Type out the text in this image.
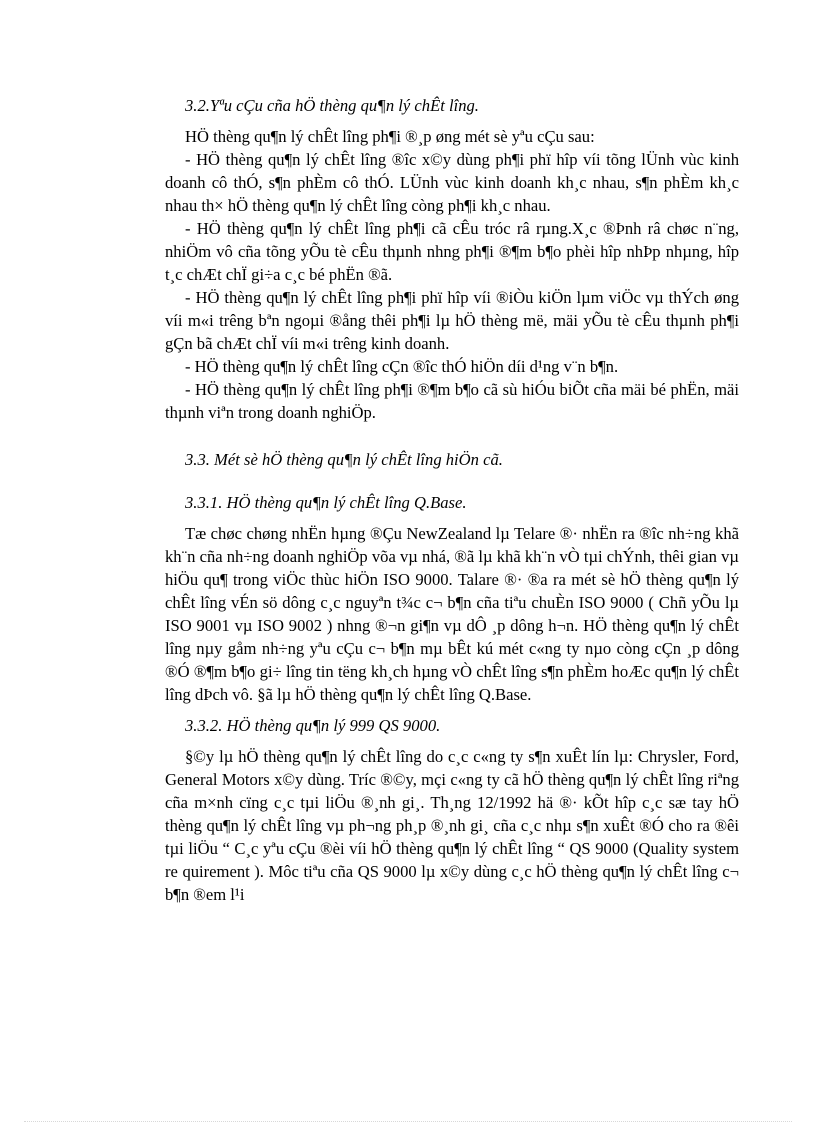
3.2.Yªu cÇu cña hÖ thèng qu¶n lý chÊt lîng.

HÖ thèng qu¶n lý chÊt lîng ph¶i ®¸p øng mét sè yªu cÇu sau:

- HÖ thèng qu¶n lý chÊt lîng ®îc x©y dùng ph¶i phï hîp víi tõng lÜnh vùc kinh doanh cô thÓ, s¶n phÈm cô thÓ. LÜnh vùc kinh doanh kh¸c nhau, s¶n phÈm kh¸c nhau th× hÖ thèng qu¶n lý chÊt lîng còng ph¶i kh¸c nhau.

- HÖ thèng qu¶n lý chÊt lîng ph¶i cã cÊu tróc râ rµng.X¸c ®Þnh râ chøc n¨ng, nhiÖm vô cña tõng yÕu tè cÊu thµnh nhng ph¶i ®¶m b¶o phèi hîp nhÞp nhµng, hîp t¸c chÆt chÏ gi÷a c¸c bé phËn ®ã.

- HÖ thèng qu¶n lý chÊt lîng ph¶i phï hîp víi ®iÒu kiÖn lµm viÖc vµ thÝch øng víi m«i trêng bªn ngoµi ®ång thêi ph¶i lµ hÖ thèng më, mäi yÕu tè cÊu thµnh ph¶i gÇn bã chÆt chÏ víi m«i trêng kinh doanh.

- HÖ thèng qu¶n lý chÊt lîng cÇn ®îc thÓ hiÖn díi d¹ng v¨n b¶n.

- HÖ thèng qu¶n lý chÊt lîng ph¶i ®¶m b¶o cã sù hiÓu biÕt cña mäi bé phËn, mäi thµnh viªn trong doanh nghiÖp.

3.3. Mét sè hÖ thèng qu¶n lý chÊt lîng hiÖn cã.

3.3.1. HÖ thèng qu¶n lý chÊt lîng Q.Base.

Tæ chøc chøng nhËn hµng ®Çu NewZealand lµ Telare ®· nhËn ra ®îc nh÷ng khã kh¨n cña nh÷ng doanh nghiÖp võa vµ nhá, ®ã lµ khã kh¨n vÒ tµi chÝnh, thêi gian vµ hiÖu qu¶ trong viÖc thùc hiÖn ISO 9000. Talare ®· ®a ra mét sè hÖ thèng qu¶n lý chÊt lîng vÉn sö dông c¸c nguyªn t¾c c¬ b¶n cña tiªu chuÈn ISO 9000 ( Chñ yÕu lµ ISO 9001 vµ ISO 9002 ) nhng ®¬n gi¶n vµ dÔ ¸p dông h¬n. HÖ thèng qu¶n lý chÊt lîng nµy gåm nh÷ng yªu cÇu c¬ b¶n mµ bÊt kú mét c«ng ty nµo còng cÇn ¸p dông ®Ó ®¶m b¶o gi÷ lîng tin tëng kh¸ch hµng vÒ chÊt lîng s¶n phÈm hoÆc qu¶n lý chÊt lîng dÞch vô. §ã lµ hÖ thèng qu¶n lý chÊt lîng Q.Base.

3.3.2. HÖ thèng qu¶n lý 999 QS 9000.

§©y lµ hÖ thèng qu¶n lý chÊt lîng do c¸c c«ng ty s¶n xuÊt lín lµ: Chrysler, Ford, General Motors x©y dùng. Tríc ®©y, mçi c«ng ty cã hÖ thèng qu¶n lý chÊt lîng riªng cña m×nh cïng c¸c tµi liÖu ®¸nh gi¸. Th¸ng 12/1992 hä ®· kÕt hîp c¸c sæ tay hÖ thèng qu¶n lý chÊt lîng vµ ph¬ng ph¸p ®¸nh gi¸ cña c¸c nhµ s¶n xuÊt ®Ó cho ra ®êi tµi liÖu “ C¸c yªu cÇu ®èi víi hÖ thèng qu¶n lý chÊt lîng “ QS 9000 (Quality system re quirement ). Môc tiªu cña QS 9000 lµ x©y dùng c¸c hÖ thèng qu¶n lý chÊt lîng c¬ b¶n ®em l¹i
